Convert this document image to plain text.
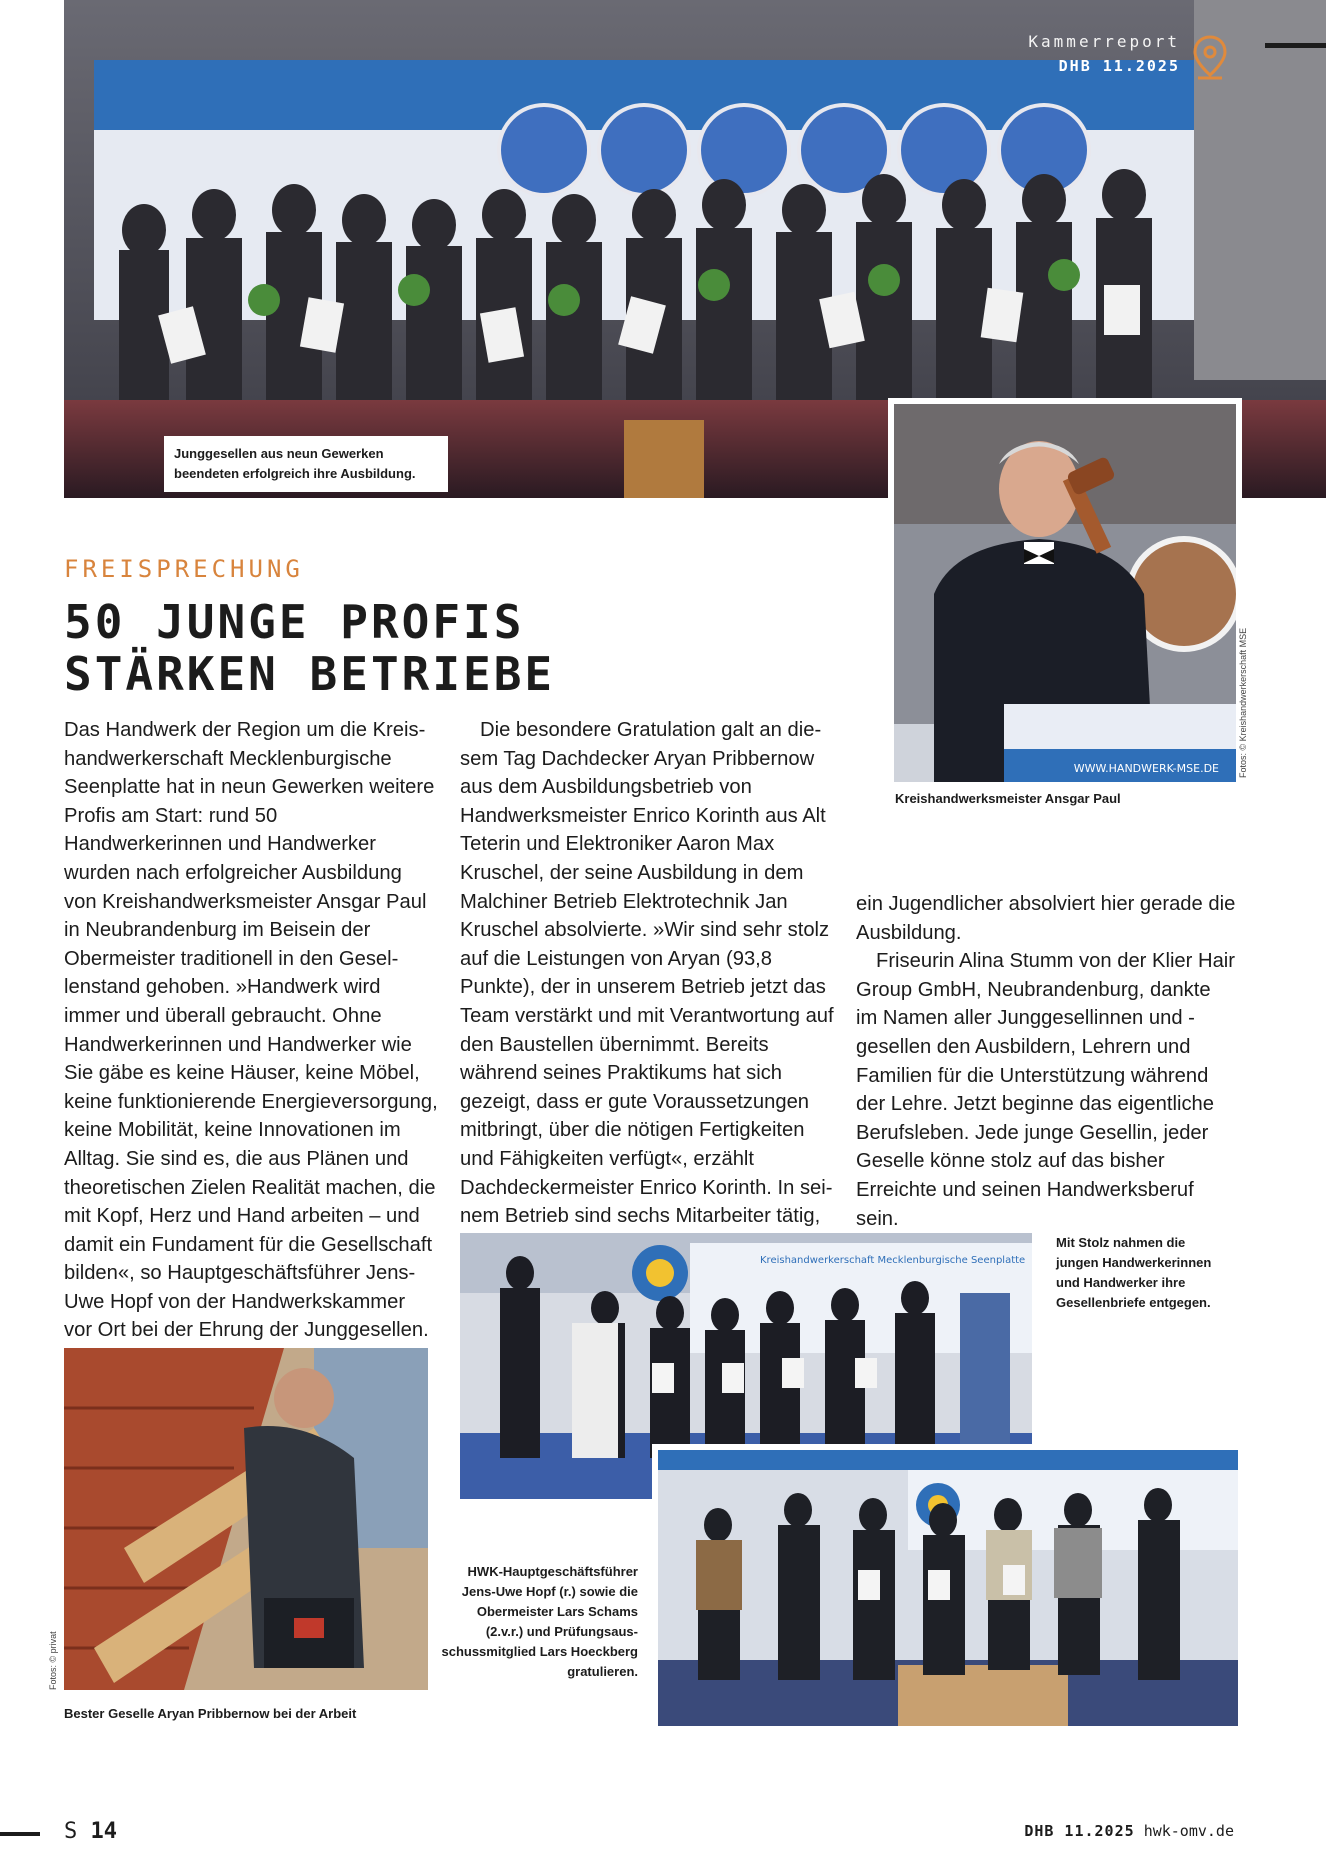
Kammerreport
DHB 11.2025
Junggesellen aus neun Gewerken beendeten erfolgreich ihre Ausbildung.
WWW.HANDWERK-MSE.DE
Kreishandwerksmeister Ansgar Paul
Fotos: © Kreishandwerkerschaft MSE
FREISPRECHUNG
50 JUNGE PROFIS
STÄRKEN BETRIEBE
Das Handwerk der Region um die Kreishandwerkerschaft Mecklenburgische Seenplatte hat in neun Gewerken weitere Profis am Start: rund 50 Handwerkerinnen und Handwerker wurden nach erfolgreicher Ausbildung von Kreishandwerksmeister Ansgar Paul in Neubrandenburg im Beisein der Obermeister traditionell in den Gesellenstand gehoben. »Handwerk wird immer und überall gebraucht. Ohne Handwerkerinnen und Handwerker wie Sie gäbe es keine Häuser, keine Möbel, keine funktionierende Energieversorgung, keine Mobilität, keine Innovationen im Alltag. Sie sind es, die aus Plänen und theoretischen Zielen Realität machen, die mit Kopf, Herz und Hand arbeiten – und damit ein Fundament für die Gesellschaft bilden«, so Hauptgeschäftsführer Jens-Uwe Hopf von der Handwerkskammer vor Ort bei der Ehrung der Junggesellen.
Die besondere Gratulation galt an diesem Tag Dachdecker Aryan Pribbernow aus dem Ausbildungsbetrieb von Handwerksmeister Enrico Korinth aus Alt Teterin und Elektroniker Aaron Max Kruschel, der seine Ausbildung in dem Malchiner Betrieb Elektrotechnik Jan Kruschel absolvierte. »Wir sind sehr stolz auf die Leistungen von Aryan (93,8 Punkte), der in unserem Betrieb jetzt das Team verstärkt und mit Verantwortung auf den Baustellen übernimmt. Bereits während seines Praktikums hat sich gezeigt, dass er gute Voraussetzungen mitbringt, über die nötigen Fertigkeiten und Fähigkeiten verfügt«, erzählt Dachdeckermeister Enrico Korinth. In seinem Betrieb sind sechs Mitarbeiter tätig,
ein Jugendlicher absolviert hier gerade die Ausbildung.
Friseurin Alina Stumm von der Klier Hair Group GmbH, Neubrandenburg, dankte im Namen aller Junggesellinnen und -gesellen den Ausbildern, Lehrern und Familien für die Unterstützung während der Lehre. Jetzt beginne das eigentliche Berufsleben. Jede junge Gesellin, jeder Geselle könne stolz auf das bisher Erreichte und seinen Handwerksberuf sein.
Kreishandwerkerschaft Mecklenburgische Seenplatte
Mit Stolz nahmen die jungen Handwerkerinnen und Handwerker ihre Gesellenbriefe entgegen.
Bester Geselle Aryan Pribbernow bei der Arbeit
Fotos: © privat
HWK-Hauptgeschäftsführer Jens-Uwe Hopf (r.) sowie die Obermeister Lars Schams (2.v.r.) und Prüfungsausschussmitglied Lars Hoeckberg gratulieren.
S 14	DHB 11.2025 hwk-omv.de
